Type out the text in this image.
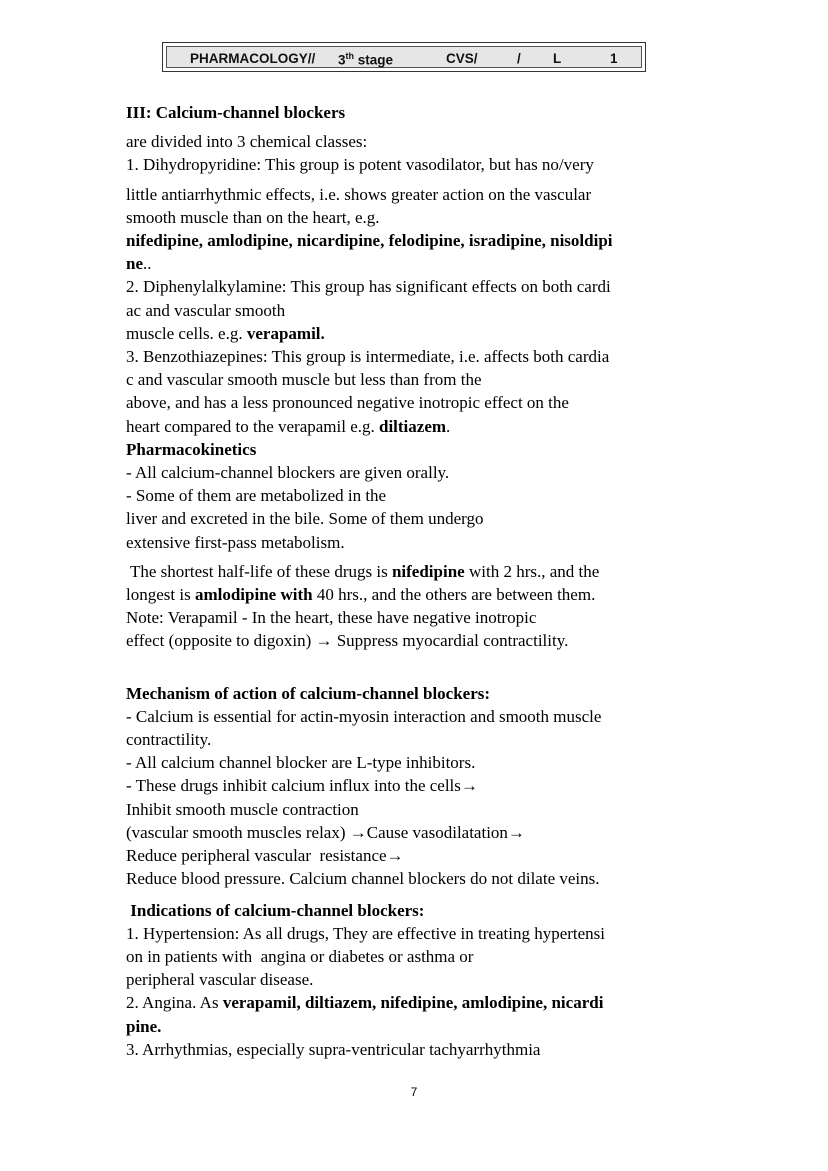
PHARMACOLOGY// 3th stage	CVS/	/ L	1

III: Calcium-channel blockers

are divided into 3 chemical classes:

1. Dihydropyridine: This group is potent vasodilator, but has no/very

little antiarrhythmic effects, i.e. shows greater action on the vascular

smooth muscle than on the heart, e.g.

nifedipine, amlodipine, nicardipine, felodipine, isradipine, nisoldipi

ne..

2. Diphenylalkylamine: This group has significant effects on both cardi

ac and vascular smooth

muscle cells. e.g. verapamil.

3. Benzothiazepines: This group is intermediate, i.e. affects both cardia

c and vascular smooth muscle but less than from the

above, and has a less pronounced negative inotropic effect on the

heart compared to the verapamil e.g. diltiazem.

Pharmacokinetics

- All calcium-channel blockers are given orally.

- Some of them are metabolized in the

liver and excreted in the bile. Some of them undergo

extensive first-pass metabolism.

The shortest half-life of these drugs is nifedipine with 2 hrs., and the

longest is amlodipine with 40 hrs., and the others are between them.

Note: Verapamil - In the heart, these have negative inotropic

effect (opposite to digoxin) → Suppress myocardial contractility.

Mechanism of action of calcium-channel blockers:

- Calcium is essential for actin-myosin interaction and smooth muscle

contractility.

- All calcium channel blocker are L-type inhibitors.

- These drugs inhibit calcium influx into the cells→

Inhibit smooth muscle contraction

(vascular smooth muscles relax) →Cause vasodilatation→

Reduce peripheral vascular  resistance→

Reduce blood pressure. Calcium channel blockers do not dilate veins.

Indications of calcium-channel blockers:

1. Hypertension: As all drugs, They are effective in treating hypertensi

on in patients with  angina or diabetes or asthma or

peripheral vascular disease.

2. Angina. As verapamil, diltiazem, nifedipine, amlodipine, nicardi

pine.

3. Arrhythmias, especially supra-ventricular tachyarrhythmia

7
